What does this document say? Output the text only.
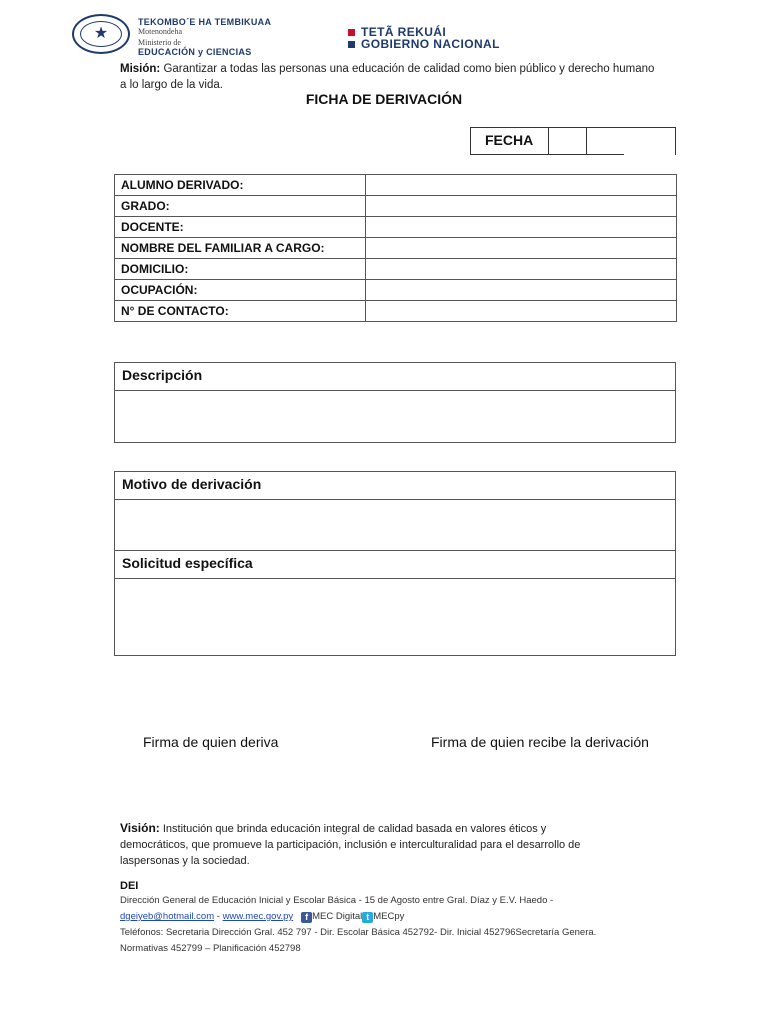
★
TEKOMBO´E HA TEMBIKUAA
Motenondeha
Ministerio de
EDUCACIÓN y CIENCIAS
TETÃ REKUÁI
GOBIERNO NACIONAL
Misión: Garantizar a todas las personas una educación de calidad como bien público y derecho humano a lo largo de la vida.
FICHA DE DERIVACIÓN
FECHA
ALUMNO DERIVADO:	
GRADO:	
DOCENTE:	
NOMBRE DEL FAMILIAR A CARGO:	
DOMICILIO:	
OCUPACIÓN:	
N° DE CONTACTO:	
Descripción
Motivo de derivación
Solicitud específica
Firma de quien deriva	Firma de quien recibe la derivación
Visión: Institución que brinda educación integral de calidad basada en valores éticos y democráticos, que promueve la participación, inclusión e interculturalidad para el desarrollo de laspersonas y la sociedad.
DEI
Dirección General de Educación Inicial y Escolar Básica - 15 de Agosto entre Gral. Díaz y E.V. Haedo -
dgeiyeb@hotmail.com - www.mec.gov.py f MEC Digital t MECpy
Teléfonos: Secretaria Dirección Gral. 452 797 - Dir. Escolar Básica 452792- Dir. Inicial 452796Secretaría Genera.
Normativas 452799 – Planificación 452798
